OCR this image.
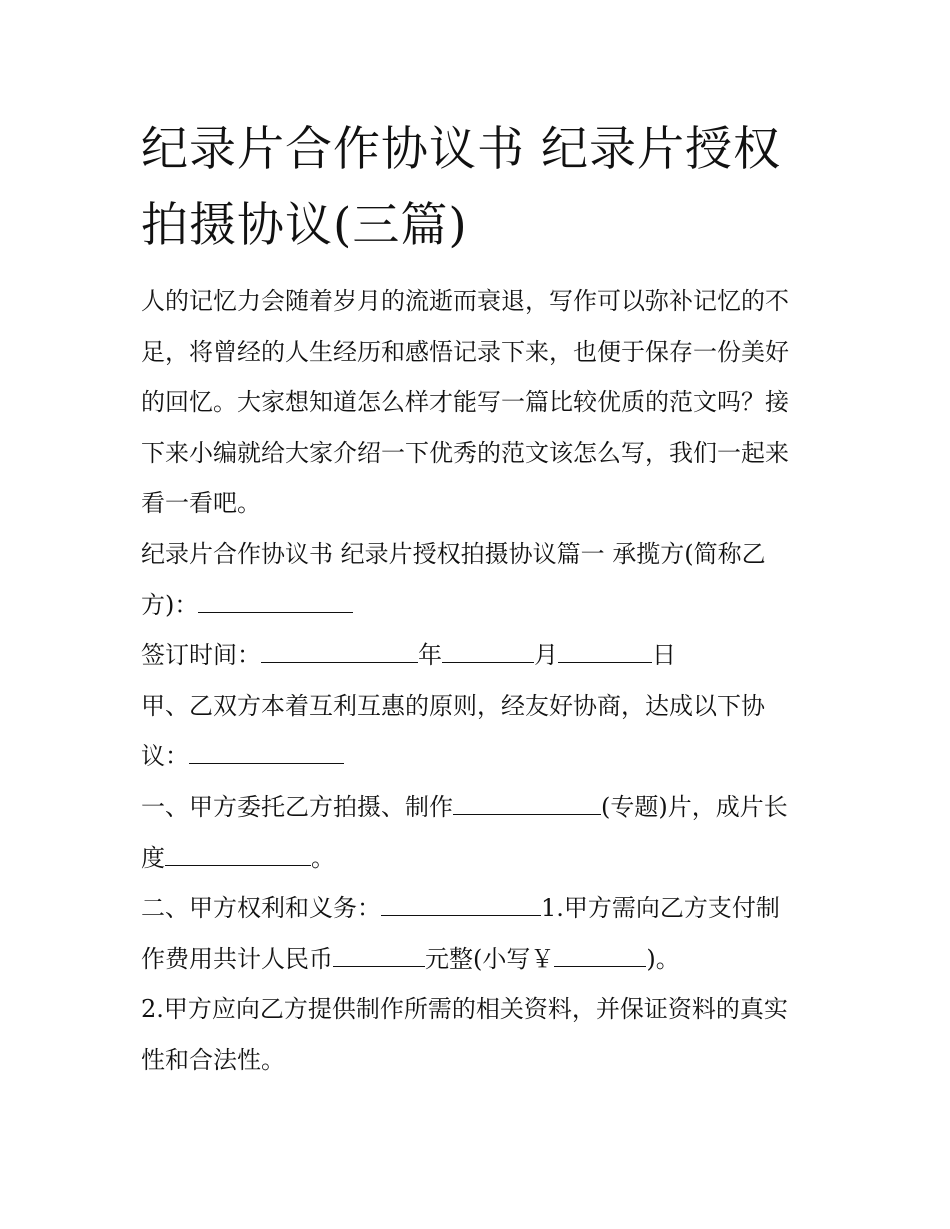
纪录片合作协议书 纪录片授权
拍摄协议(三篇)
人的记忆力会随着岁月的流逝而衰退，写作可以弥补记忆的不
足，将曾经的人生经历和感悟记录下来，也便于保存一份美好
的回忆。大家想知道怎么样才能写一篇比较优质的范文吗？接
下来小编就给大家介绍一下优秀的范文该怎么写，我们一起来
看一看吧。
纪录片合作协议书 纪录片授权拍摄协议篇一 承揽方(简称乙
方)：
签订时间：	年	月	日
甲、乙双方本着互利互惠的原则，经友好协商，达成以下协
议：
一、甲方委托乙方拍摄、制作	(专题)片，成片长
度	。
二、甲方权利和义务：	1.甲方需向乙方支付制
作费用共计人民币	元整(小写￥	)。
2.甲方应向乙方提供制作所需的相关资料，并保证资料的真实
性和合法性。
